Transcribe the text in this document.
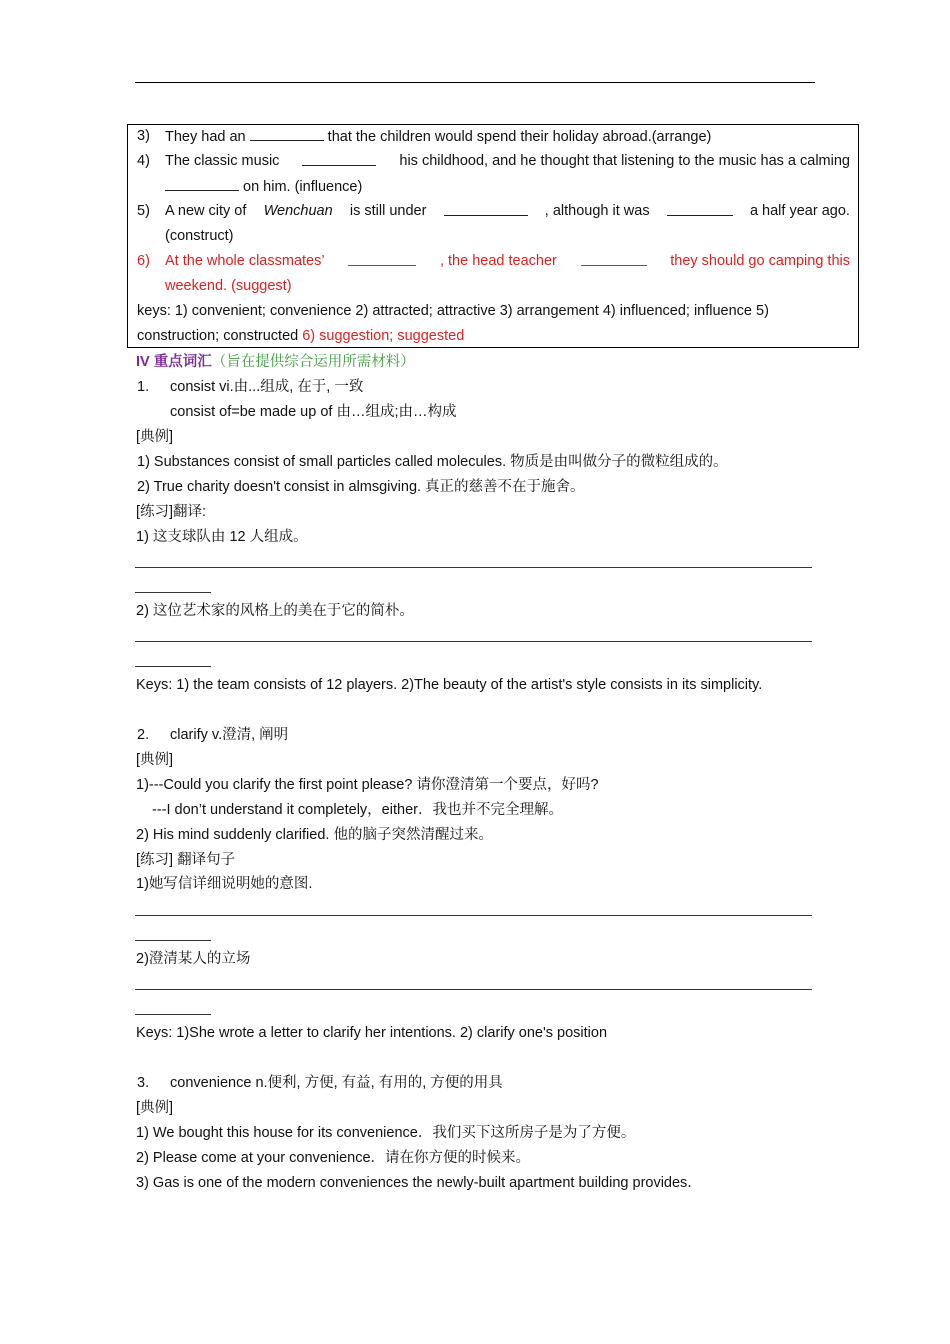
3) They had an	that the children would spend their holiday abroad.(arrange)
4) The classic music	his childhood, and he thought that listening to the music has a calming
on him. (influence)
5) A new city of Wenchuan is still under	, although it was	a half year ago.
(construct)
6) At the whole classmates’	, the head teacher	they should go camping this
weekend. (suggest)
keys: 1) convenient; convenience 2) attracted; attractive 3) arrangement 4) influenced; influence 5)
construction; constructed 6) suggestion; suggested
IV 重点词汇（旨在提供综合运用所需材料）
1. consist vi.由...组成, 在于, 一致
consist of=be made up of 由…组成;由…构成
[典例]
1) Substances consist of small particles called molecules. 物质是由叫做分子的微粒组成的。
2) True charity doesn't consist in almsgiving. 真正的慈善不在于施舍。
[练习]翻译:
1) 这支球队由 12 人组成。
2) 这位艺术家的风格上的美在于它的简朴。
Keys: 1) the team consists of 12 players. 2)The beauty of the artist's style consists in its simplicity.
2. clarify v.澄清, 阐明
[典例]
1)---Could you clarify the first point please? 请你澄清第一个要点，好吗?
---I don’t understand it completely，either．我也并不完全理解。
2) His mind suddenly clarified. 他的脑子突然清醒过来。
[练习] 翻译句子
1)她写信详细说明她的意图.
2)澄清某人的立场
Keys: 1)She wrote a letter to clarify her intentions. 2) clarify one's position
3. convenience n.便利, 方便, 有益, 有用的, 方便的用具
[典例]
1) We bought this house for its convenience．我们买下这所房子是为了方便。
2) Please come at your convenience．请在你方便的时候来。
3) Gas is one of the modern conveniences the newly-built apartment building provides．
